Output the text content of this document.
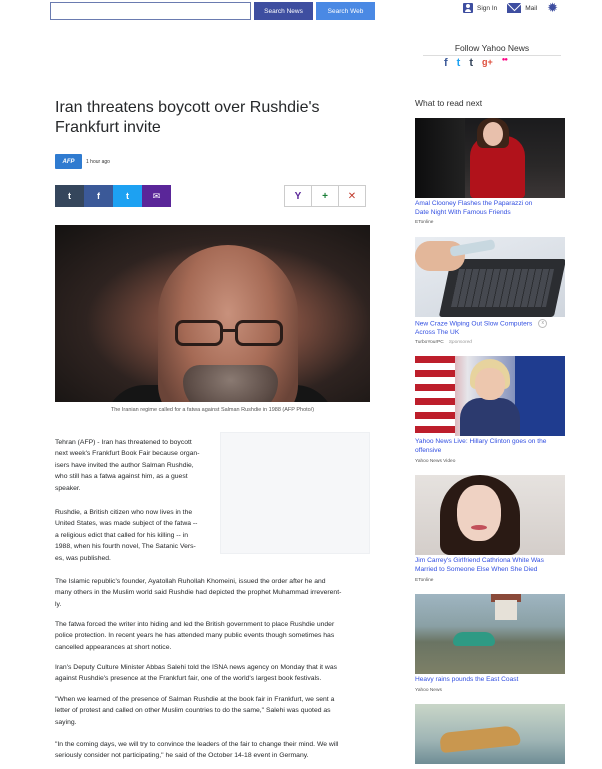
Search News	Search Web	Sign In	Mail ✹
Follow Yahoo News
f t t g+ ●●
Iran threatens boycott over Rushdie's Frankfurt invite
AFP	1 hour ago
t	f	t	✉	Y	+	✕
The Iranian regime called for a fatwa against Salman Rushdie in 1988 (AFP Photo/)
Tehran (AFP) - Iran has threatened to boycott
next week's Frankfurt Book Fair because organ-
isers have invited the author Salman Rushdie,
who still has a fatwa against him, as a guest
speaker.
Rushdie, a British citizen who now lives in the
United States, was made subject of the fatwa --
a religious edict that called for his killing -- in
1988, when his fourth novel, The Satanic Vers-
es, was published.
The Islamic republic's founder, Ayatollah Ruhollah Khomeini, issued the order after he and
many others in the Muslim world said Rushdie had depicted the prophet Muhammad irreverent-
ly.
The fatwa forced the writer into hiding and led the British government to place Rushdie under
police protection. In recent years he has attended many public events though sometimes has
cancelled appearances at short notice.
Iran's Deputy Culture Minister Abbas Salehi told the ISNA news agency on Monday that it was
against Rushdie's presence at the Frankfurt fair, one of the world's largest book festivals.
"When we learned of the presence of Salman Rushdie at the book fair in Frankfurt, we sent a
letter of protest and called on other Muslim countries to do the same," Salehi was quoted as
saying.
"In the coming days, we will try to convince the leaders of the fair to change their mind. We will
seriously consider not participating," he said of the October 14-18 event in Germany.
What to read next
Amal Clooney Flashes the Paparazzi on
Date Night With Famous Friends
ETonline
New Craze Wiping Out Slow Computers x
Across The UK
TurboYourPC Sponsored
Yahoo News Live: Hillary Clinton goes on the
offensive
Yahoo News Video
Jim Carrey's Girlfriend Cathriona White Was
Married to Someone Else When She Died
ETonline
Heavy rains pounds the East Coast
Yahoo News
